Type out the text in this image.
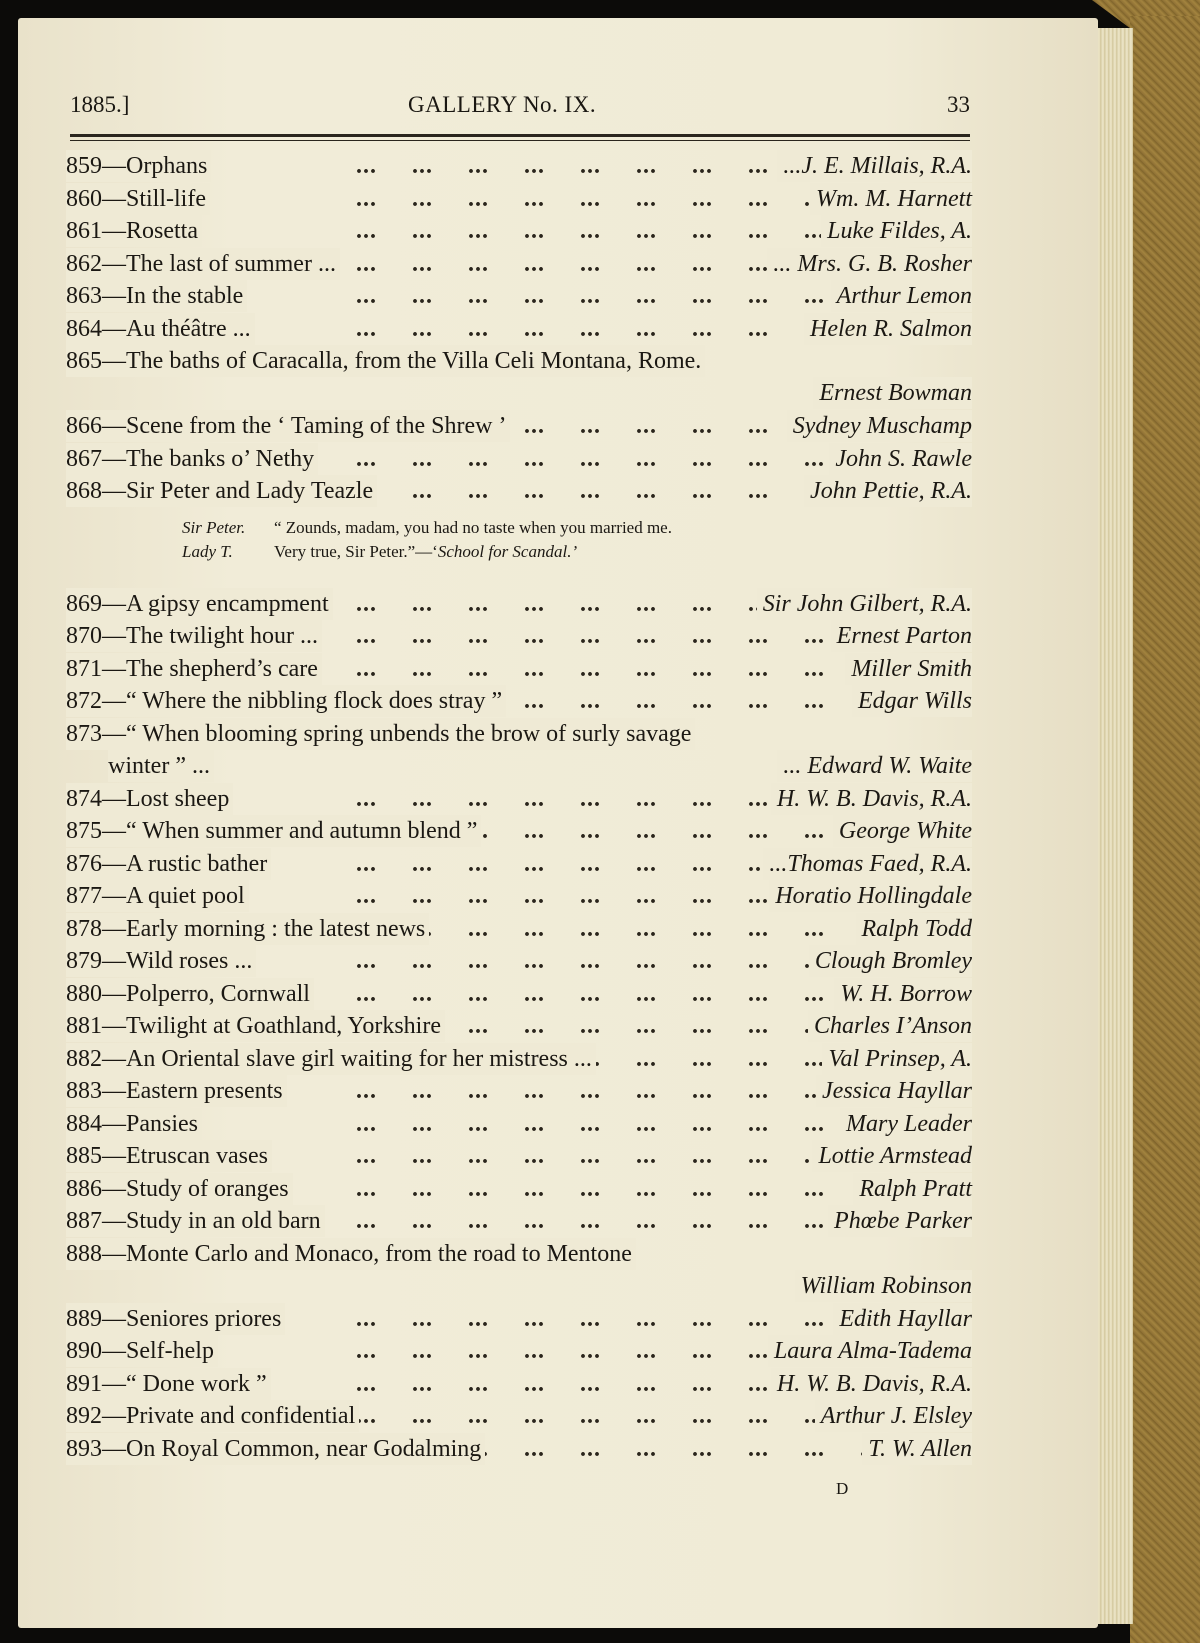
1885.]	GALLERY No. IX.	33
859—Orphans ...	...J. E. Millais, R.A.
860—Still-life ...	Wm. M. Harnett
861—Rosetta ...	Luke Fildes, A.
862—The last of summer ... ...	... Mrs. G. B. Rosher
863—In the stable ...	Arthur Lemon
864—Au théâtre ... ...	Helen R. Salmon
865—The baths of Caracalla, from the Villa Celi Montana, Rome.
Ernest Bowman
866—Scene from the ‘ Taming of the Shrew ’ ...	Sydney Muschamp
867—The banks o’ Nethy ...	John S. Rawle
868—Sir Peter and Lady Teazle ...	John Pettie, R.A.
Sir Peter. “ Zounds, madam, you had no taste when you married me.
Lady T. Very true, Sir Peter.”—‘School for Scandal.’
869—A gipsy encampment ...	Sir John Gilbert, R.A.
870—The twilight hour ... ...	Ernest Parton
871—The shepherd’s care ...	Miller Smith
872—“ Where the nibbling flock does stray ” ...	Edgar Wills
873—“ When blooming spring unbends the brow of surly savage
winter ” ...	... Edward W. Waite
874—Lost sheep ...	H. W. B. Davis, R.A.
875—“ When summer and autumn blend ” ...	George White
876—A rustic bather ...	...Thomas Faed, R.A.
877—A quiet pool ...	Horatio Hollingdale
878—Early morning : the latest news ...	Ralph Todd
879—Wild roses ... ...	Clough Bromley
880—Polperro, Cornwall ...	W. H. Borrow
881—Twilight at Goathland, Yorkshire ...	Charles I’Anson
882—An Oriental slave girl waiting for her mistress ... ...	Val Prinsep, A.
883—Eastern presents ...	Jessica Hayllar
884—Pansies ...	Mary Leader
885—Etruscan vases ...	Lottie Armstead
886—Study of oranges ...	Ralph Pratt
887—Study in an old barn ...	Phœbe Parker
888—Monte Carlo and Monaco, from the road to Mentone
William Robinson
889—Seniores priores ...	Edith Hayllar
890—Self-help ...	Laura Alma-Tadema
891—“ Done work ” ...	H. W. B. Davis, R.A.
892—Private and confidential ...	Arthur J. Elsley
893—On Royal Common, near Godalming ...	T. W. Allen
D
